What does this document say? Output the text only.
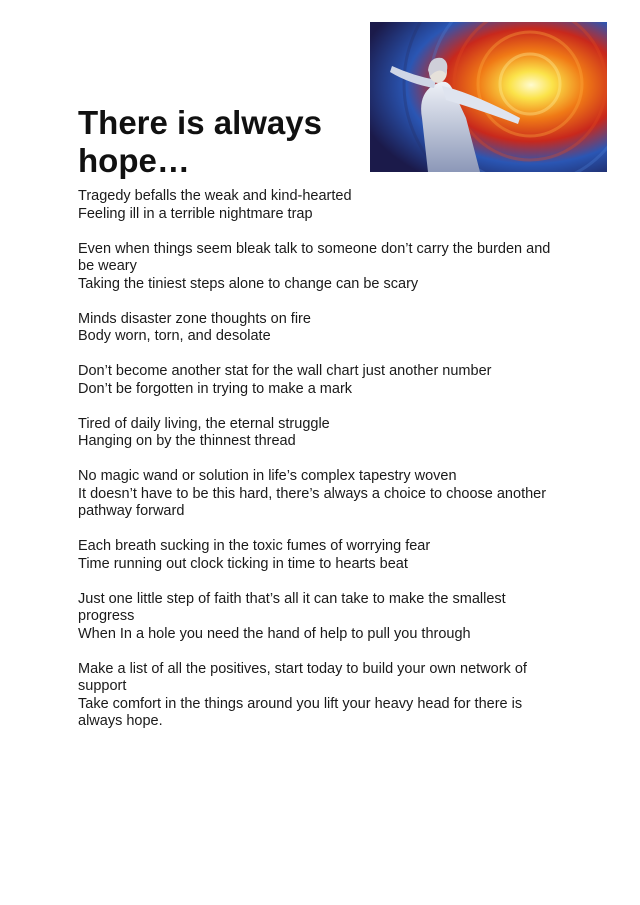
There is always hope…

Tragedy befalls the weak and kind-hearted
Feeling ill in a terrible nightmare trap

Even when things seem bleak talk to someone don’t carry the burden and be weary
Taking the tiniest steps alone to change can be scary

Minds disaster zone thoughts on fire
Body worn, torn, and desolate

Don’t become another stat for the wall chart just another number
Don’t be forgotten in trying to make a mark

Tired of daily living, the eternal struggle
Hanging on by the thinnest thread

No magic wand or solution in life’s complex tapestry woven
It doesn’t have to be this hard, there’s always a choice to choose another pathway forward

Each breath sucking in the toxic fumes of worrying fear
Time running out clock ticking in time to hearts beat

Just one little step of faith that’s all it can take to make the smallest progress
When In a hole you need the hand of help to pull you through

Make a list of all the positives, start today to build your own network of support
Take comfort in the things around you lift your heavy head for there is always hope.
